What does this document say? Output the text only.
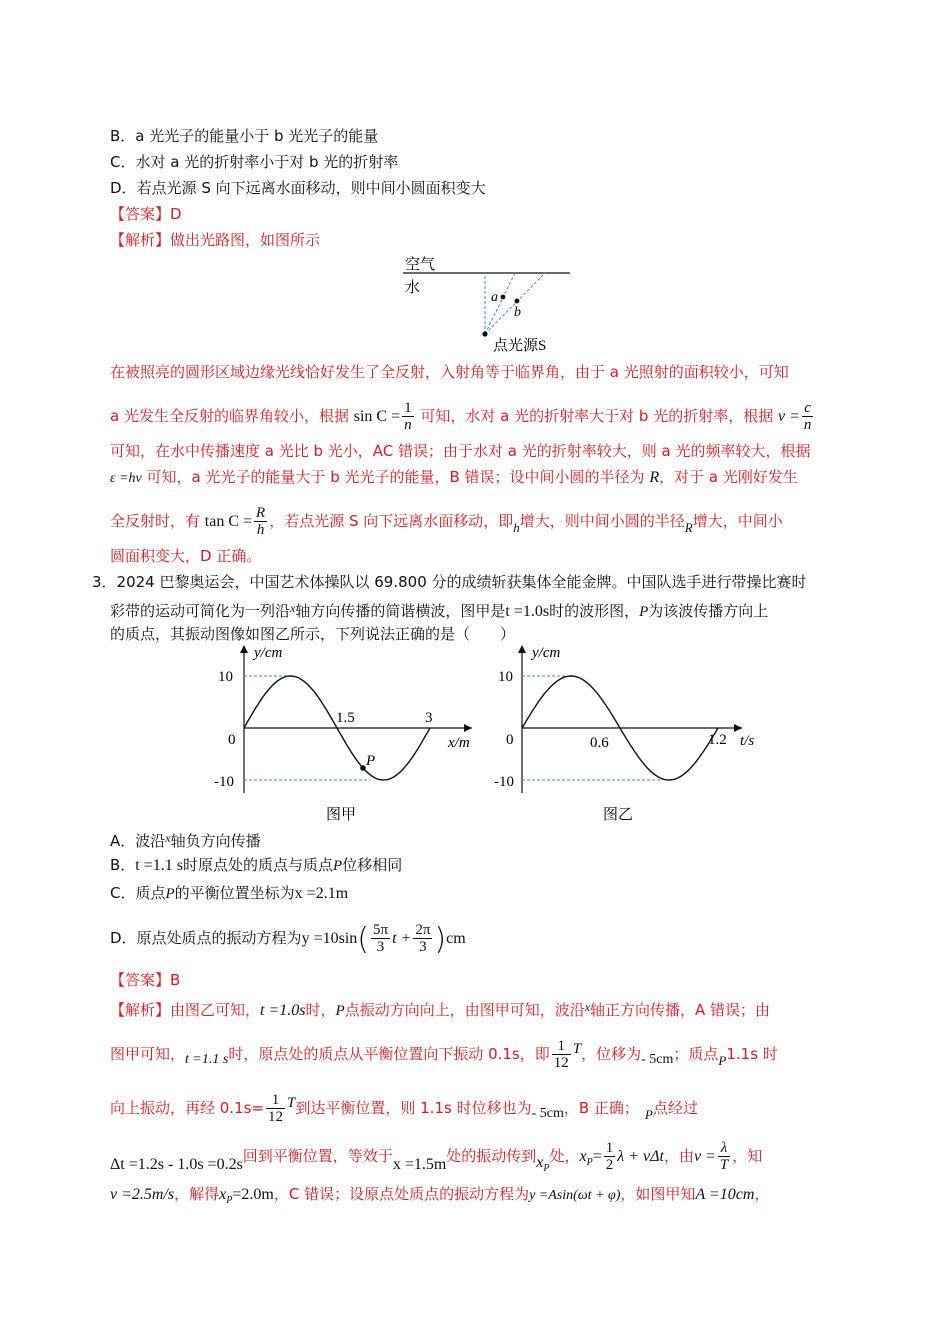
B．a 光光子的能量小于 b 光光子的能量
C．水对 a 光的折射率小于对 b 光的折射率
D．若点光源 S 向下远离水面移动，则中间小圆面积变大
【答案】D
【解析】做出光路图，如图所示
空气
水
a
b
点光源S
在被照亮的圆形区域边缘光线恰好发生了全反射，入射角等于临界角，由于 a 光照射的面积较小，可知
a 光发生全反射的临界角较小，根据 $\sin C = \frac{1}{n}$ 可知，水对 a 光的折射率大于对 b 光的折射率，根据 $v = \frac{c}{n}$
可知，在水中传播速度 a 光比 b 光小，AC 错误；由于水对 a 光的折射率较大，则 a 光的频率较大，根据
ε =hν 可知，a 光光子的能量大于 b 光光子的能量，B 错误；设中间小圆的半径为 R，对于 a 光刚好发生
全反射时，有 $\tan C = \frac{R}{h}$ ，若点光源 S 向下远离水面移动，即h增大，则中间小圆的半径R增大，中间小
圆面积变大，D 正确。
3．2024 巴黎奥运会，中国艺术体操队以 69.800 分的成绩斩获集体全能金牌。中国队选手进行带操比赛时
彩带的运动可简化为一列沿$^x$轴方向传播的简谐横波，图甲是t =1.0s时的波形图，P为该波传播方向上
的质点，其振动图像如图乙所示，下列说法正确的是（　　）
y/cm
x/m
10
-10
0
1.5	3
P
图甲
y/cm
t/s
10
-10
0	0.6	1.2
图乙
A．波沿$^x$轴负方向传播
B．t =1.1 s时原点处的质点与质点P位移相同
C．质点P的平衡位置坐标为x =2.1m
D．原点处质点的振动方程为$y =10\sin( \frac{5\pi}{3}$ $t + \frac{2\pi}{3} )cm$
【答案】B
【解析】由图乙可知，t =1.0s时，P点振动方向向上，由图甲可知，波沿$^x$轴正方向传播，A 错误；由
图甲可知，t =1.1 s时，原点处的质点从平衡位置向下振动 0.1s，即 $\frac{1}{12}$ T，位移为- 5cm；质点P1.1s 时
向上振动，再经 $0.1s= \frac{1}{12}$ T到达平衡位置，则 1.1s 时位移也为- 5cm，B 正确； P点经过
Δt =1.2s - 1.0s =0.2s回到平衡位置，等效于x =1.5m处的振动传到$x_P$处，$x_P= \frac{1}{2}$ λ + vΔt，由$v = \frac{\lambda}{T}$ ，知
v =2.5m/s，解得$x_P=2.0m$，C 错误；设原点处质点的振动方程为y =Asin(ωt + φ)，如图甲知A =10cm，
